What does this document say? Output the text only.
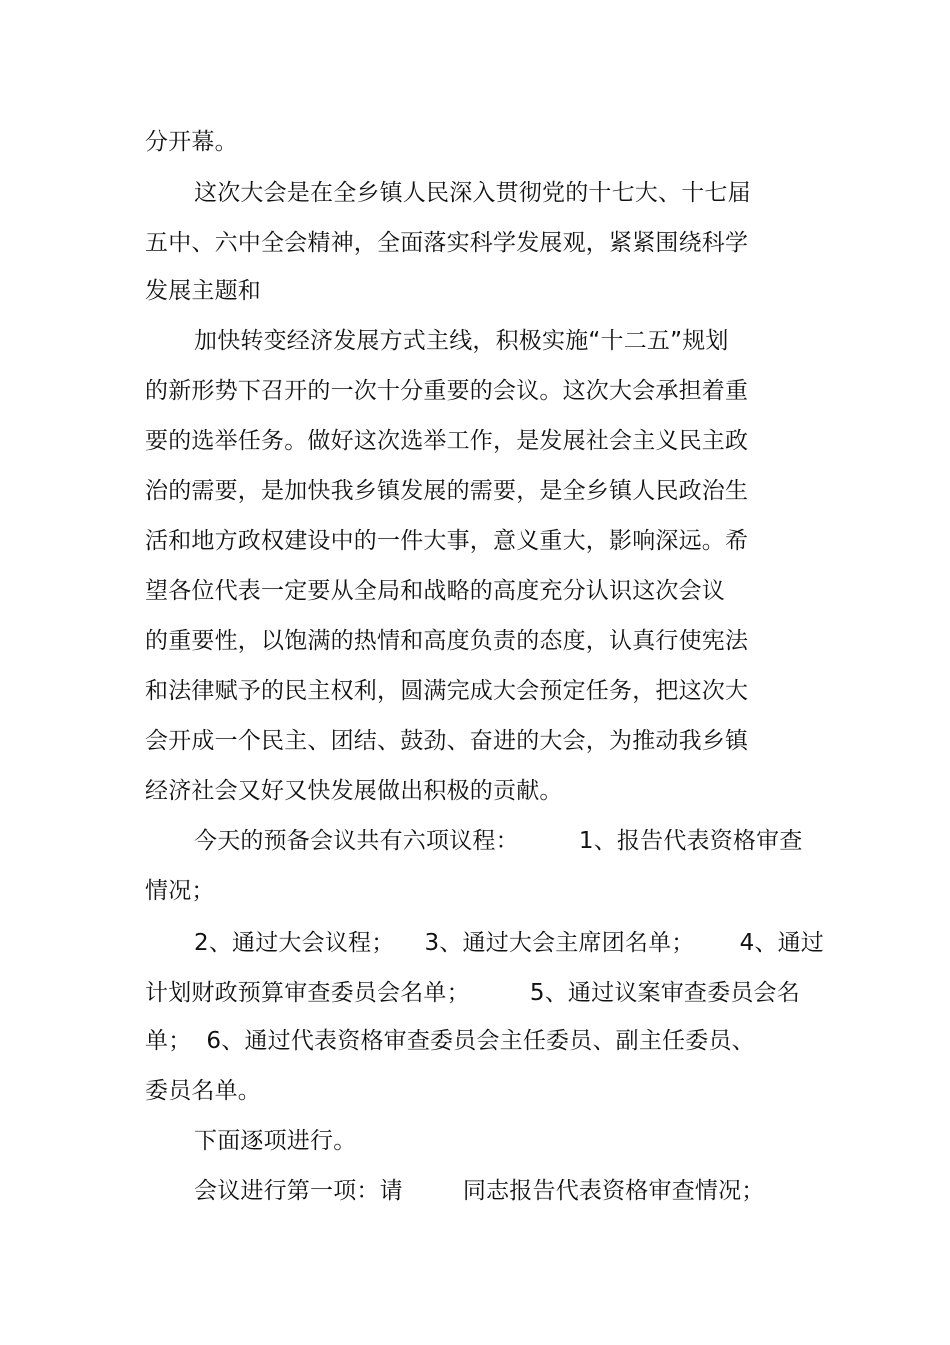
分开幕。
这次大会是在全乡镇人民深入贯彻党的十七大、十七届
五中、六中全会精神，全面落实科学发展观，紧紧围绕科学
发展主题和
加快转变经济发展方式主线，积极实施“十二五”规划
的新形势下召开的一次十分重要的会议。这次大会承担着重
要的选举任务。做好这次选举工作，是发展社会主义民主政
治的需要，是加快我乡镇发展的需要，是全乡镇人民政治生
活和地方政权建设中的一件大事，意义重大，影响深远。希
望各位代表一定要从全局和战略的高度充分认识这次会议
的重要性，以饱满的热情和高度负责的态度，认真行使宪法
和法律赋予的民主权利，圆满完成大会预定任务，把这次大
会开成一个民主、团结、鼓劲、奋进的大会，为推动我乡镇
经济社会又好又快发展做出积极的贡献。
今天的预备会议共有六项议程：        1、报告代表资格审查
情况；
2、通过大会议程；    3、通过大会主席团名单；      4、通过
计划财政预算审查委员会名单；        5、通过议案审查委员会名
单；  6、通过代表资格审查委员会主任委员、副主任委员、
委员名单。
下面逐项进行。
会议进行第一项：请        同志报告代表资格审查情况；
